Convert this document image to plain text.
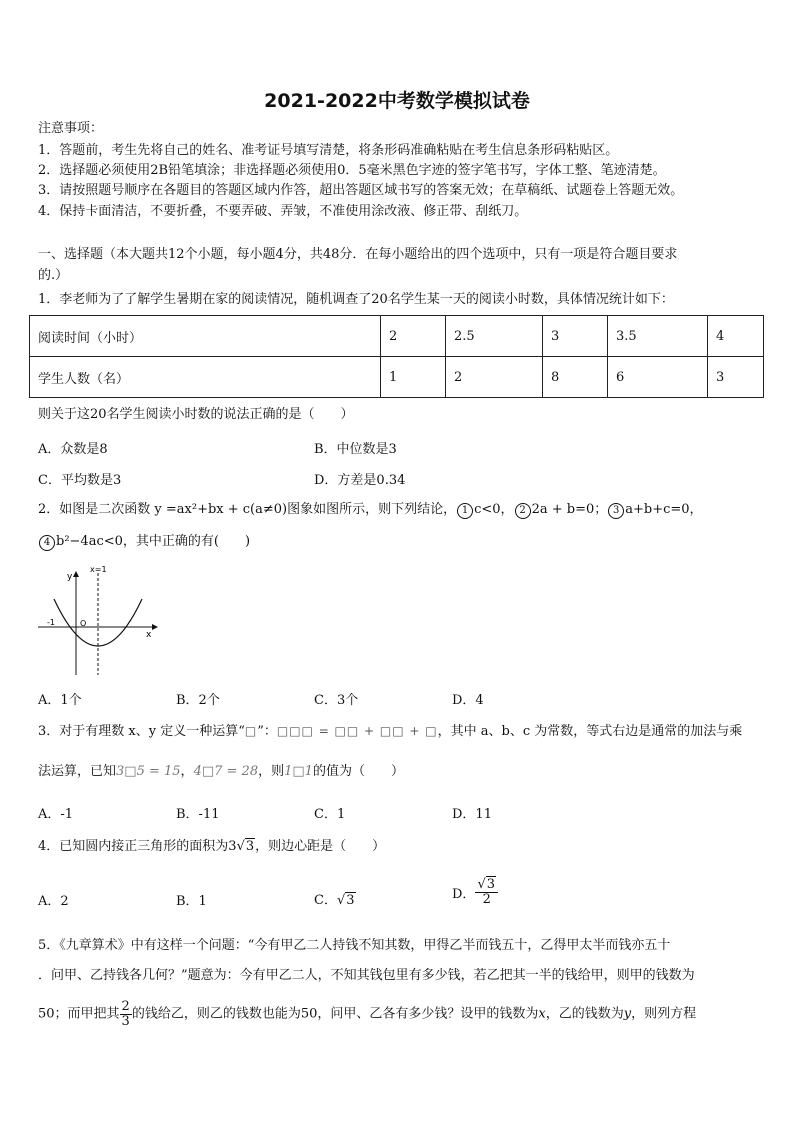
2021-2022中考数学模拟试卷
注意事项：
1．答题前，考生先将自己的姓名、准考证号填写清楚，将条形码准确粘贴在考生信息条形码粘贴区。
2．选择题必须使用2B铅笔填涂；非选择题必须使用0．5毫米黑色字迹的签字笔书写，字体工整、笔迹清楚。
3．请按照题号顺序在各题目的答题区域内作答，超出答题区域书写的答案无效；在草稿纸、试题卷上答题无效。
4．保持卡面清洁，不要折叠，不要弄破、弄皱，不准使用涂改液、修正带、刮纸刀。
一、选择题（本大题共12个小题，每小题4分，共48分．在每小题给出的四个选项中，只有一项是符合题目要求
的.）
1．李老师为了了解学生暑期在家的阅读情况，随机调查了20名学生某一天的阅读小时数，具体情况统计如下：
阅读时间（小时）	2	2.5	3	3.5	4
学生人数（名）	1	2	8	6	3
则关于这20名学生阅读小时数的说法正确的是（　　）
A．众数是8	B．中位数是3
C．平均数是3	D．方差是0.34
2．如图是二次函数 y =ax²+bx + c(a≠0)图象如图所示，则下列结论， 1 c<0， 2 2a + b=0； 3 a+b+c=0，
4 b²−4ac<0，其中正确的有(　　)
y
x
x=1
-1	O
A．1个	B．2个	C．3个	D．4
3．对于有理数 x、y 定义一种运算“□”：□□□ = □□ + □□ + □，其中 a、b、c 为常数，等式右边是通常的加法与乘
法运算，已知3□5 = 15，4□7 = 28，则1□1的值为（　　）
A．-1	B．-11	C．1	D．11
4．已知圆内接正三角形的面积为3√3，则边心距是（　　）
A．2	B．1	C．√3	D． $\frac{√3}{2}$
5．《九章算术》中有这样一个问题：“今有甲乙二人持钱不知其数，甲得乙半而钱五十，乙得甲太半而钱亦五十
．问甲、乙持钱各几何？”题意为：今有甲乙二人，不知其钱包里有多少钱，若乙把其一半的钱给甲，则甲的钱数为
50；而甲把其 $\frac{2}{3}$ 的钱给乙，则乙的钱数也能为50，问甲、乙各有多少钱？设甲的钱数为x，乙的钱数为y，则列方程
